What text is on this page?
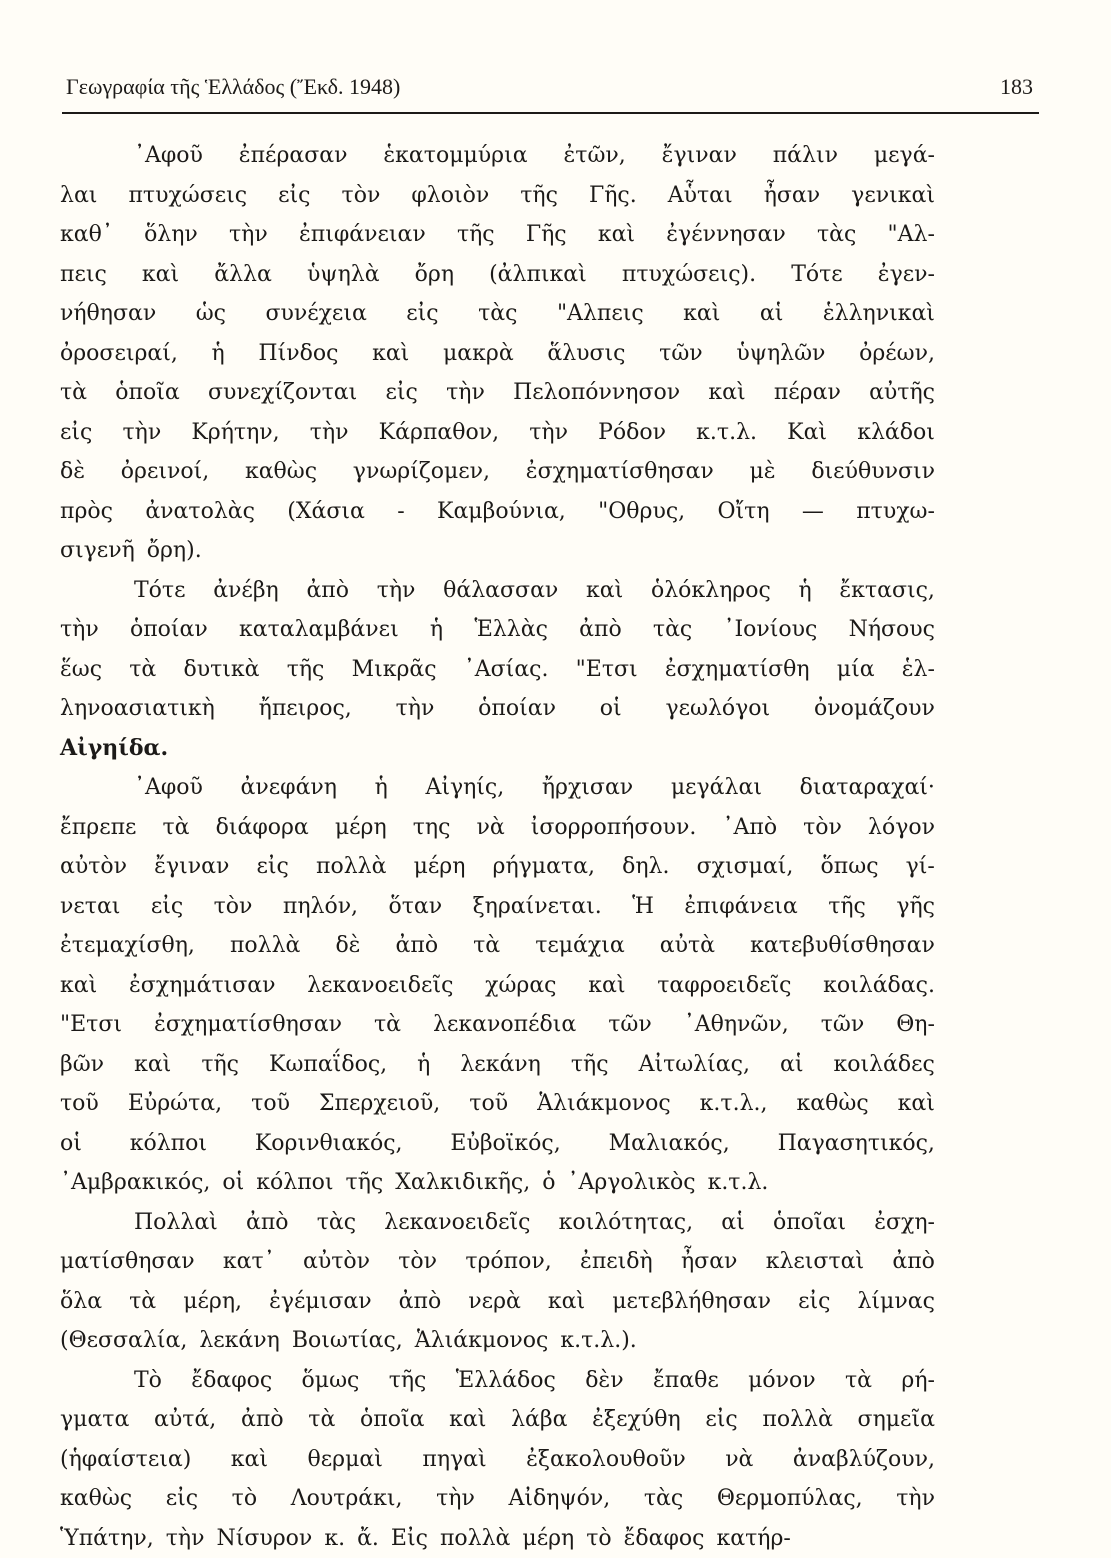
Γεωγραφία τῆς Ἑλλάδος (Ἔκδ. 1948)	183
᾿Αφοῦ ἐπέρασαν ἑκατομμύρια ἐτῶν, ἔγιναν πάλιν μεγά-
λαι πτυχώσεις εἰς τὸν φλοιὸν τῆς Γῆς. Αὗται ἦσαν γενικαὶ
καθ᾿ ὅλην τὴν ἐπιφάνειαν τῆς Γῆς καὶ ἐγέννησαν τὰς "Αλ-
πεις καὶ ἄλλα ὑψηλὰ ὄρη (ἀλπικαὶ πτυχώσεις). Τότε ἐγεν-
νήθησαν ὡς συνέχεια εἰς τὰς "Αλπεις καὶ αἱ ἑλληνικαὶ
ὀροσειραί, ἡ Πίνδος καὶ μακρὰ ἅλυσις τῶν ὑψηλῶν ὀρέων,
τὰ ὁποῖα συνεχίζονται εἰς τὴν Πελοπόννησον καὶ πέραν αὐτῆς
εἰς τὴν Κρήτην, τὴν Κάρπαθον, τὴν Ρόδον κ.τ.λ. Καὶ κλάδοι
δὲ ὀρεινοί, καθὼς γνωρίζομεν, ἐσχηματίσθησαν μὲ διεύθυνσιν
πρὸς ἀνατολὰς (Χάσια - Καμβούνια, "Οθρυς, Οἴτη — πτυχω-
σιγενῆ ὄρη).
Τότε ἀνέβη ἀπὸ τὴν θάλασσαν καὶ ὁλόκληρος ἡ ἔκτασις,
τὴν ὁποίαν καταλαμβάνει ἡ Ἑλλὰς ἀπὸ τὰς ᾿Ιονίους Νήσους
ἕως τὰ δυτικὰ τῆς Μικρᾶς ᾿Ασίας. "Ετσι ἐσχηματίσθη μία ἑλ-
ληνοασιατικὴ ἤπειρος, τὴν ὁποίαν οἱ γεωλόγοι ὀνομάζουν
Αἰγηίδα.
᾿Αφοῦ ἀνεφάνη ἡ Αἰγηίς, ἤρχισαν μεγάλαι διαταραχαί·
ἔπρεπε τὰ διάφορα μέρη της νὰ ἰσορροπήσουν. ᾿Απὸ τὸν λόγον
αὐτὸν ἔγιναν εἰς πολλὰ μέρη ρήγματα, δηλ. σχισμαί, ὅπως γί-
νεται εἰς τὸν πηλόν, ὅταν ξηραίνεται. Ἡ ἐπιφάνεια τῆς γῆς
ἐτεμαχίσθη, πολλὰ δὲ ἀπὸ τὰ τεμάχια αὐτὰ κατεβυθίσθησαν
καὶ ἐσχημάτισαν λεκανοειδεῖς χώρας καὶ ταφροειδεῖς κοιλάδας.
"Ετσι ἐσχηματίσθησαν τὰ λεκανοπέδια τῶν ᾿Αθηνῶν, τῶν Θη-
βῶν καὶ τῆς Κωπαΐδος, ἡ λεκάνη τῆς Αἰτωλίας, αἱ κοιλάδες
τοῦ Εὐρώτα, τοῦ Σπερχειοῦ, τοῦ Ἁλιάκμονος κ.τ.λ., καθὼς καὶ
οἱ κόλποι Κορινθιακός, Εὐβοϊκός, Μαλιακός, Παγασητικός,
᾿Αμβρακικός, οἱ κόλποι τῆς Χαλκιδικῆς, ὁ ᾿Αργολικὸς κ.τ.λ.
Πολλαὶ ἀπὸ τὰς λεκανοειδεῖς κοιλότητας, αἱ ὁποῖαι ἐσχη-
ματίσθησαν κατ᾿ αὐτὸν τὸν τρόπον, ἐπειδὴ ἦσαν κλεισταὶ ἀπὸ
ὅλα τὰ μέρη, ἐγέμισαν ἀπὸ νερὰ καὶ μετεβλήθησαν εἰς λίμνας
(Θεσσαλία, λεκάνη Βοιωτίας, Ἁλιάκμονος κ.τ.λ.).
Τὸ ἔδαφος ὅμως τῆς Ἑλλάδος δὲν ἔπαθε μόνον τὰ ρή-
γματα αὐτά, ἀπὸ τὰ ὁποῖα καὶ λάβα ἐξεχύθη εἰς πολλὰ σημεῖα
(ἡφαίστεια) καὶ θερμαὶ πηγαὶ ἐξακολουθοῦν νὰ ἀναβλύζουν,
καθὼς εἰς τὸ Λουτράκι, τὴν Αἰδηψόν, τὰς Θερμοπύλας, τὴν
Ὑπάτην, τὴν Νίσυρον κ. ἄ. Εἰς πολλὰ μέρη τὸ ἔδαφος κατήρ-
